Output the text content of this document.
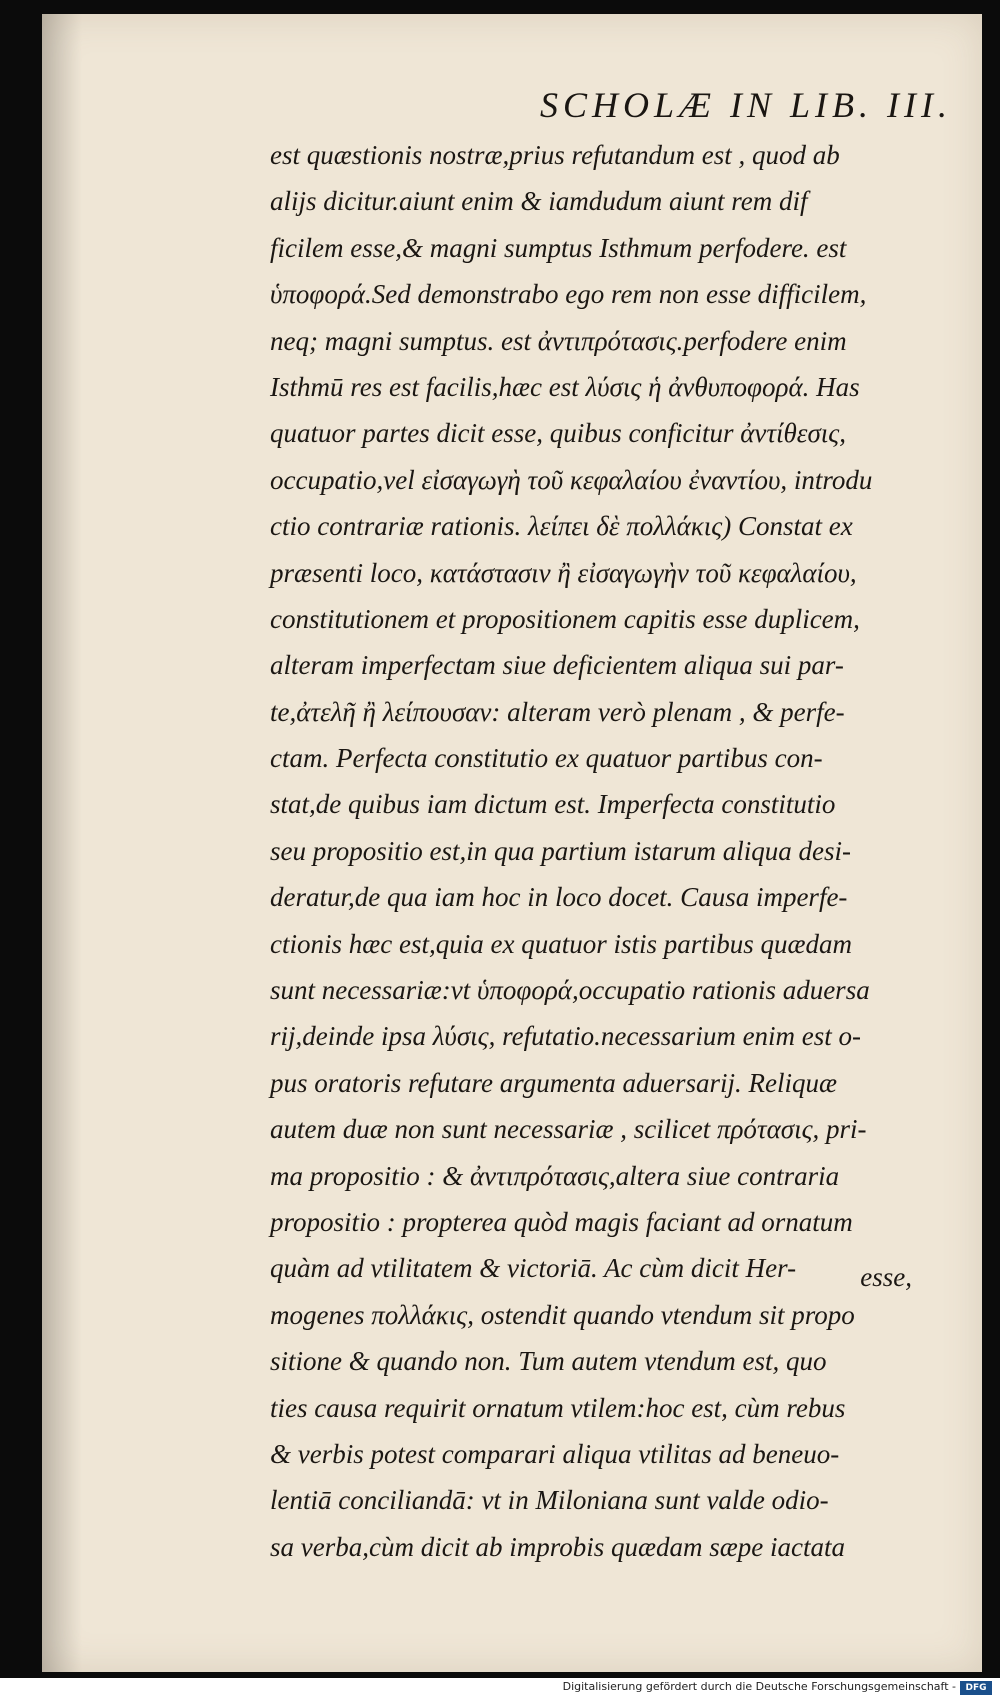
SCHOLÆ IN LIB. III.
est quæstionis nostræ,prius refutandum est , quod ab
alijs dicitur.aiunt enim & iamdudum aiunt rem dif
ficilem esse,& magni sumptus Isthmum perfodere. est
ὑποφορά.Sed demonstrabo ego rem non esse difficilem,
neq; magni sumptus. est ἀντιπρότασις.perfodere enim
Isthmū res est facilis,hæc est λύσις ἡ ἀνθυποφορά. Has
quatuor partes dicit esse, quibus conficitur ἀντίθεσις,
occupatio,vel εἰσαγωγὴ τοῦ κεφαλαίου ἐναντίου, introdu
ctio contrariæ rationis. λείπει δὲ πολλάκις) Constat ex
præsenti loco, κατάστασιν ἢ εἰσαγωγὴν τοῦ κεφαλαίου,
constitutionem et propositionem capitis esse duplicem,
alteram imperfectam siue deficientem aliqua sui par-
te,ἀτελῆ ἢ λείπουσαν: alteram verò plenam , & perfe-
ctam. Perfecta constitutio ex quatuor partibus con-
stat,de quibus iam dictum est. Imperfecta constitutio
seu propositio est,in qua partium istarum aliqua desi-
deratur,de qua iam hoc in loco docet. Causa imperfe-
ctionis hæc est,quia ex quatuor istis partibus quædam
sunt necessariæ:vt ὑποφορά,occupatio rationis aduersa
rij,deinde ipsa λύσις, refutatio.necessarium enim est o-
pus oratoris refutare argumenta aduersarij. Reliquæ
autem duæ non sunt necessariæ , scilicet πρότασις, pri-
ma propositio : & ἀντιπρότασις,altera siue contraria
propositio : propterea quòd magis faciant ad ornatum
quàm ad vtilitatem & victoriā. Ac cùm dicit Her-
mogenes πολλάκις, ostendit quando vtendum sit propo
sitione & quando non. Tum autem vtendum est, quo
ties causa requirit ornatum vtilem:hoc est, cùm rebus
& verbis potest comparari aliqua vtilitas ad beneuo-
lentiā conciliandā: vt in Miloniana sunt valde odio-
sa verba,cùm dicit ab improbis quædam sæpe iactata
esse,
Digitalisierung gefördert durch die Deutsche Forschungsgemeinschaft -	DFG
